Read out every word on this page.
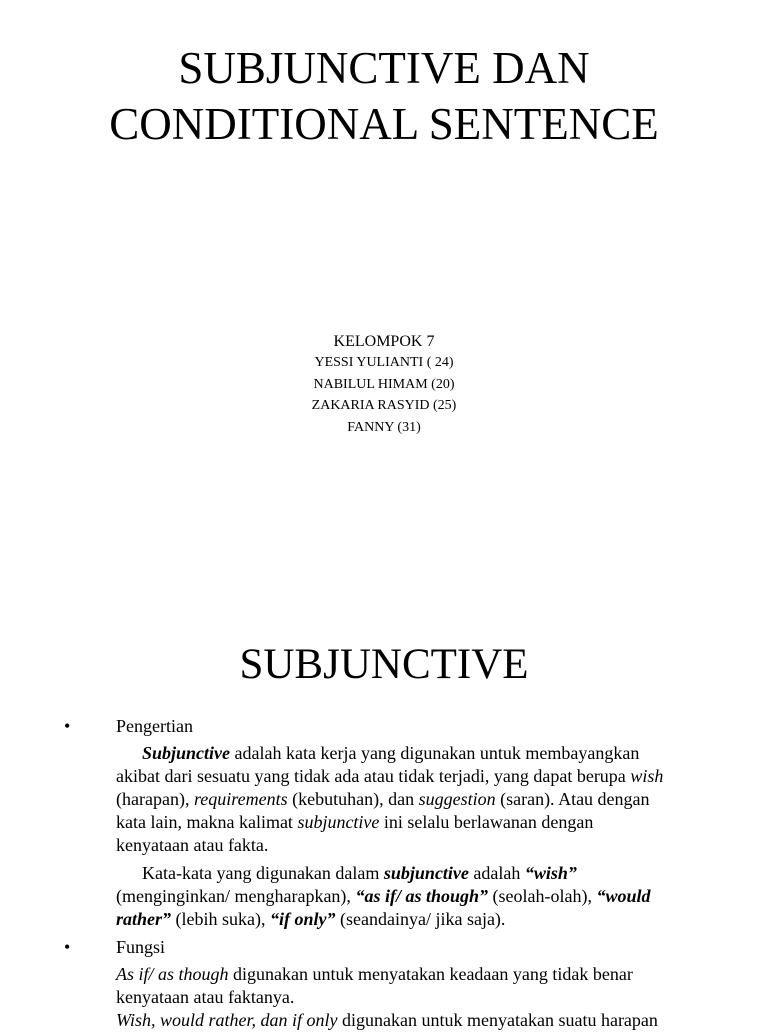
SUBJUNCTIVE DAN
CONDITIONAL SENTENCE
KELOMPOK 7
YESSI YULIANTI ( 24)
NABILUL HIMAM (20)
ZAKARIA RASYID (25)
FANNY (31)
SUBJUNCTIVE
•	Pengertian
Subjunctive adalah kata kerja yang digunakan untuk membayangkan
akibat dari sesuatu yang tidak ada atau tidak terjadi, yang dapat berupa wish
(harapan), requirements (kebutuhan), dan suggestion (saran). Atau dengan
kata lain, makna kalimat subjunctive ini selalu berlawanan dengan
kenyataan atau fakta.
Kata-kata yang digunakan dalam subjunctive adalah “wish”
(menginginkan/ mengharapkan), “as if/ as though” (seolah-olah), “would
rather” (lebih suka), “if only” (seandainya/ jika saja).
•	Fungsi
As if/ as though digunakan untuk menyatakan keadaan yang tidak benar
kenyataan atau faktanya.
Wish, would rather, dan if only digunakan untuk menyatakan suatu harapan
